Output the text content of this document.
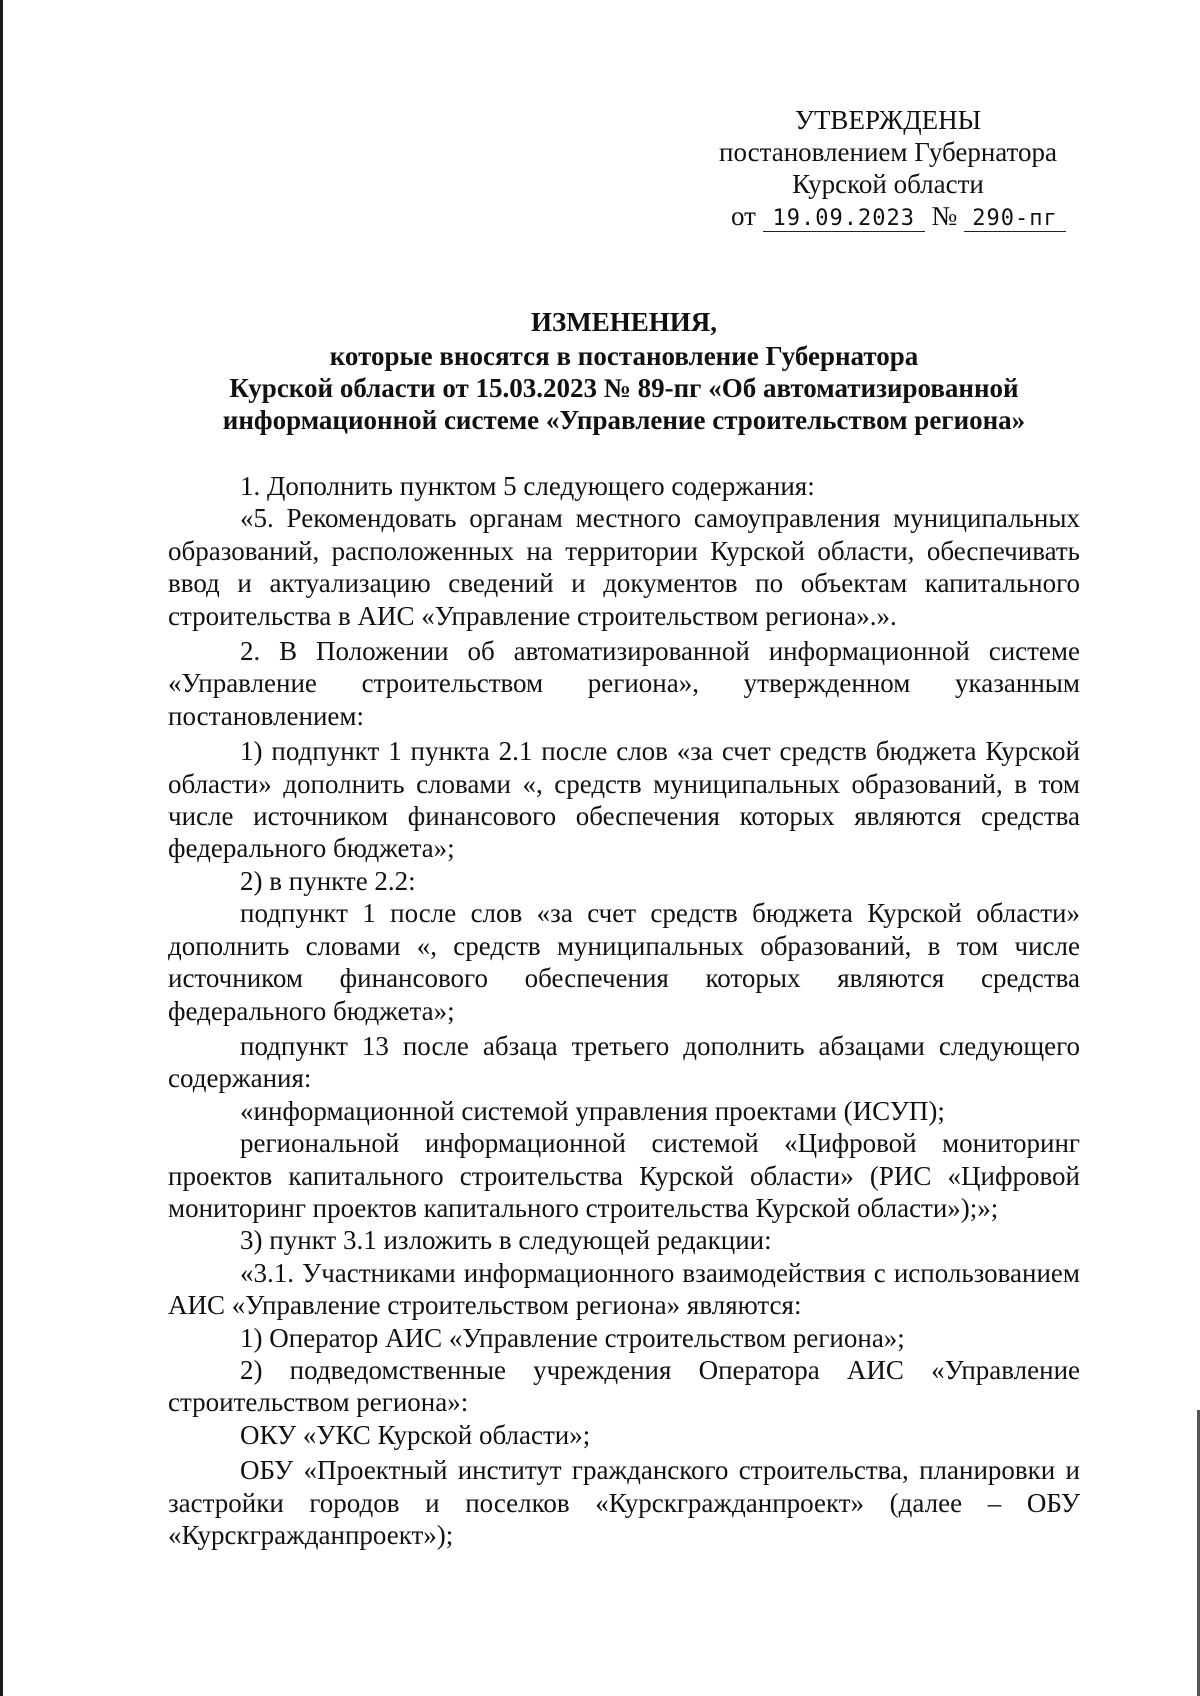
УТВЕРЖДЕНЫ
постановлением Губернатора
Курской области
от 19.09.2023 № 290-пг
ИЗМЕНЕНИЯ,
которые вносятся в постановление Губернатора
Курской области от 15.03.2023 № 89-пг «Об автоматизированной
информационной системе «Управление строительством региона»

1. Дополнить пунктом 5 следующего содержания:

«5. Рекомендовать органам местного самоуправления муниципальных образований, расположенных на территории Курской области, обеспечивать ввод и актуализацию сведений и документов по объектам капитального строительства в АИС «Управление строительством региона».».

2. В Положении об автоматизированной информационной системе «Управление строительством региона», утвержденном указанным постановлением:

1) подпункт 1 пункта 2.1 после слов «за счет средств бюджета Курской области» дополнить словами «, средств муниципальных образований, в том числе источником финансового обеспечения которых являются средства федерального бюджета»;

2) в пункте 2.2:

подпункт 1 после слов «за счет средств бюджета Курской области» дополнить словами «, средств муниципальных образований, в том числе источником финансового обеспечения которых являются средства федерального бюджета»;

подпункт 13 после абзаца третьего дополнить абзацами следующего содержания:

«информационной системой управления проектами (ИСУП);

региональной информационной системой «Цифровой мониторинг проектов капитального строительства Курской области» (РИС «Цифровой мониторинг проектов капитального строительства Курской области»);»;

3) пункт 3.1 изложить в следующей редакции:

«3.1. Участниками информационного взаимодействия с использованием АИС «Управление строительством региона» являются:

1) Оператор АИС «Управление строительством региона»;

2) подведомственные учреждения Оператора АИС «Управление строительством региона»:

ОКУ «УКС Курской области»;

ОБУ «Проектный институт гражданского строительства, планировки и застройки городов и поселков «Курскгражданпроект» (далее – ОБУ «Курскгражданпроект»);
